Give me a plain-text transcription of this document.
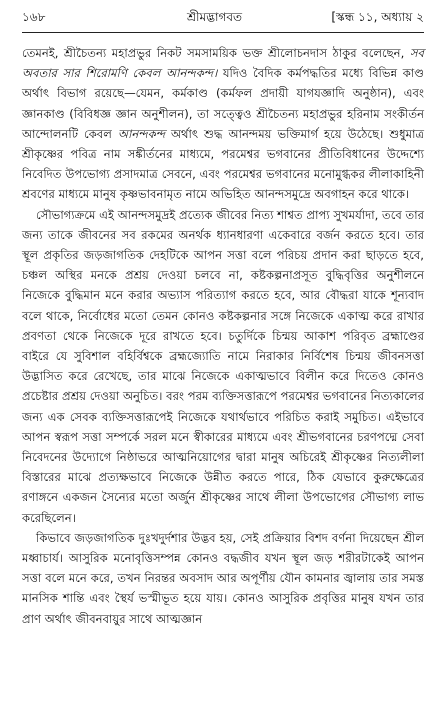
১৬৮	শ্রীমদ্ভাগবত	[স্কন্ধ ১১, অধ্যায় ২

তেমনই, শ্রীচৈতন্য মহাপ্রভুর নিকট সমসাময়িক ভক্ত শ্রীলোচনদাস ঠাকুর বলেছেন, সব অবতার সার শিরোমণি কেবল আনন্দকন্দ। যদিও বৈদিক কর্মপদ্ধতির মধ্যে বিভিন্ন কাণ্ড অর্থাৎ বিভাগ রয়েছে—যেমন, কর্মকাণ্ড (কর্মফল প্রদায়ী যাগযজ্ঞাদি অনুষ্ঠান), এবং জ্ঞানকাণ্ড (বিবিধজ্ঞ জ্ঞান অনুশীলন), তা সত্ত্বেও শ্রীচৈতন্য মহাপ্রভুর হরিনাম সংকীর্তন আন্দোলনটি কেবল আনন্দকন্দ অর্থাৎ শুদ্ধ আনন্দময় ভক্তিমার্গ হয়ে উঠেছে। শুধুমাত্র শ্রীকৃষ্ণের পবিত্র নাম সঙ্কীর্তনের মাধ্যমে, পরমেশ্বর ভগবানের প্রীতিবিধানের উদ্দেশ্যে নিবেদিত উপভোগ্য প্রসাদমাত্র সেবনে, এবং পরমেশ্বর ভগবানের মনোমুগ্ধকর লীলাকাহিনী শ্রবণের মাধ্যমে মানুষ কৃষ্ণভাবনামৃত নামে অভিহিত আনন্দসমুদ্রে অবগাহন করে থাকে।

সৌভাগ্যক্রমে এই আনন্দসমুদ্রই প্রত্যেক জীবের নিত্য শাশ্বত প্রাপ্য সুখমর্যাদা, তবে তার জন্য তাকে জীবনের সব রকমের অনর্থক ধ্যানধারণা একেবারে বর্জন করতে হবে। তার স্থূল প্রকৃতির জড়জাগতিক দেহটিকে আপন সত্তা বলে পরিচয় প্রদান করা ছাড়তে হবে, চঞ্চল অস্থির মনকে প্রশ্রয় দেওয়া চলবে না, কষ্টকল্পনাপ্রসূত বুদ্ধিবৃত্তির অনুশীলনে নিজেকে বুদ্ধিমান মনে করার অভ্যাস পরিত্যাগ করতে হবে, আর বৌদ্ধরা যাকে শূন্যবাদ বলে থাকে, নির্বোধের মতো তেমন কোনও কষ্টকল্পনার সঙ্গে নিজেকে একাত্ম করে রাখার প্রবণতা থেকে নিজেকে দূরে রাখতে হবে। চতুর্দিকে চিন্ময় আকাশ পরিবৃত ব্রহ্মাণ্ডের বাইরে যে সুবিশাল বহির্বিশ্বকে ব্রহ্মজ্যোতি নামে নিরাকার নির্বিশেষ চিন্ময় জীবনসত্তা উদ্ভাসিত করে রেখেছে, তার মাঝে নিজেকে একাত্মভাবে বিলীন করে দিতেও কোনও প্রচেষ্টার প্রশ্রয় দেওয়া অনুচিত। বরং পরম ব্যক্তিসত্তারূপে পরমেশ্বর ভগবানের নিত্যকালের জন্য এক সেবক ব্যক্তিসত্তারূপেই নিজেকে যথার্থভাবে পরিচিত করাই সমুচিত। এইভাবে আপন স্বরূপ সত্তা সম্পর্কে সরল মনে স্বীকারের মাধ্যমে এবং শ্রীভগবানের চরণপদ্মে সেবা নিবেদনের উদ্যোগে নিষ্ঠাভরে আত্মনিয়োগের দ্বারা মানুষ অচিরেই শ্রীকৃষ্ণের নিত্যলীলা বিস্তারের মাঝে প্রত্যক্ষভাবে নিজেকে উন্নীত করতে পারে, ঠিক যেভাবে কুরুক্ষেত্রের রণাঙ্গনে একজন সৈন্যের মতো অর্জুন শ্রীকৃষ্ণের সাথে লীলা উপভোগের সৌভাগ্য লাভ করেছিলেন।

কিভাবে জড়জাগতিক দুঃখদুর্দশার উদ্ভব হয়, সেই প্রক্রিয়ার বিশদ বর্ণনা দিয়েছেন শ্রীল মধ্বাচার্য। আসুরিক মনোবৃত্তিসম্পন্ন কোনও বদ্ধজীব যখন স্থূল জড় শরীরটাকেই আপন সত্তা বলে মনে করে, তখন নিরন্তর অবসাদ আর অপূর্ণীয় যৌন কামনার জ্বালায় তার সমস্ত মানসিক শান্তি এবং স্থৈর্য ভস্মীভূত হয়ে যায়। কোনও আসুরিক প্রবৃত্তির মানুষ যখন তার প্রাণ অর্থাৎ জীবনবায়ুর সাথে আত্মজ্ঞান
